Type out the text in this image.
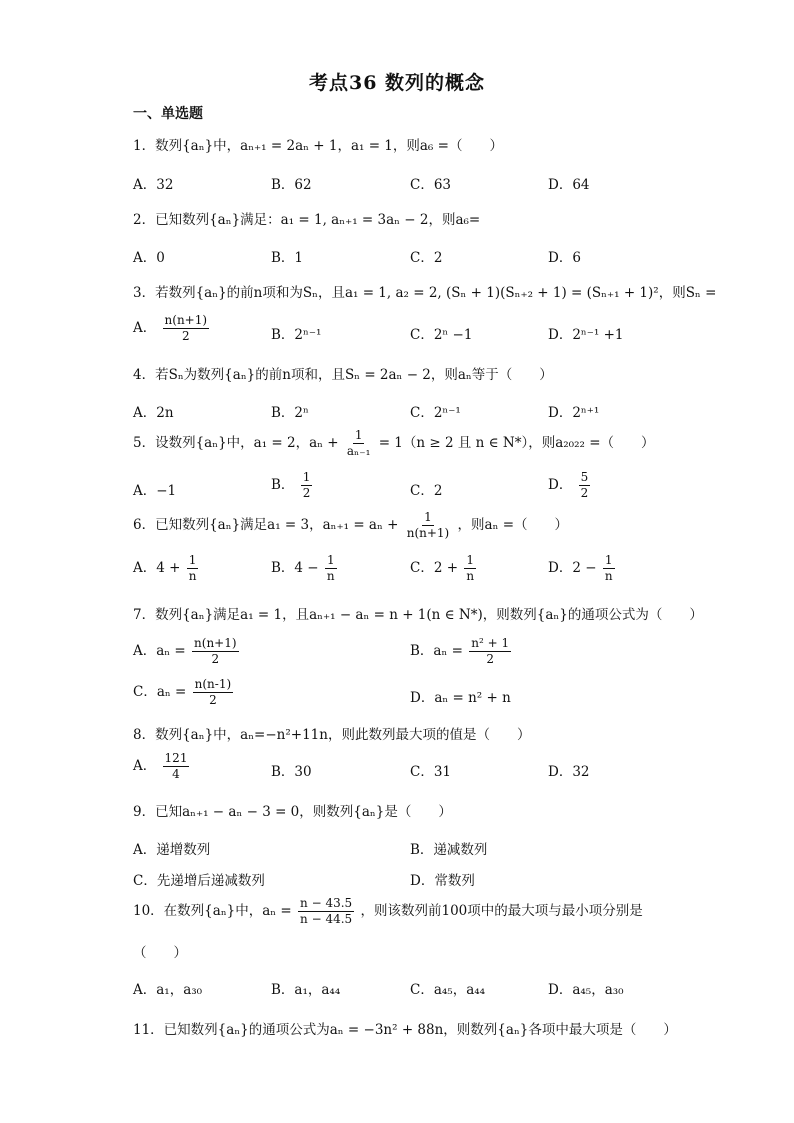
考点36 数列的概念
一、单选题
1．数列{aₙ}中，aₙ₊₁ = 2aₙ + 1，a₁ = 1，则a₆ =（　　）
A．32	B．62	C．63	D．64
2．已知数列{aₙ}满足：a₁ = 1, aₙ₊₁ = 3aₙ − 2，则a₆=
A．0	B．1	C．2	D．6
3．若数列{aₙ}的前n项和为Sₙ，且a₁ = 1, a₂ = 2, (Sₙ + 1)(Sₙ₊₂ + 1) = (Sₙ₊₁ + 1)²，则Sₙ =
A． $\frac{n(n+1)}{2}$	B．2ⁿ⁻¹	C．2ⁿ −1	D．2ⁿ⁻¹ +1
4．若Sₙ为数列{aₙ}的前n项和，且Sₙ = 2aₙ − 2，则aₙ等于（　　）
A．2n	B．2ⁿ	C．2ⁿ⁻¹	D．2ⁿ⁺¹
5．设数列{aₙ}中，a₁ = 2，$a_n + \frac{1}{\text{aₙ₋₁}} = 1(n \ge 2$ 且 n ∈ N*），则a₂₀₂₂ =（　　）
A．−1	B． $\frac{1}{2}$	C．2	D． $\frac{5}{2}$
6．已知数列{aₙ}满足a₁ = 3，$a_{n+1} = a_n + \frac{1}{n(n+1)}$ ，则aₙ =（　　）
A．$4 + \frac{1}{n}$	B．$4 - \frac{1}{n}$	C．$2 + \frac{1}{n}$	D．$2 - \frac{1}{n}$
7．数列{aₙ}满足a₁ = 1，且aₙ₊₁ − aₙ = n + 1(n ∈ N*)，则数列{aₙ}的通项公式为（　　）
A．$a_n = \frac{n(n+1)}{2}$	B．$a_n = \frac{\text{n² + 1}}{2}$
C．$a_n = \frac{n(n-1)}{2}$	D．aₙ = n² + n
8．数列{aₙ}中，aₙ=−n²+11n，则此数列最大项的值是（　　）
A． $\frac{121}{4}$	B．30	C．31	D．32
9．已知aₙ₊₁ − aₙ − 3 = 0，则数列{aₙ}是（　　）
A．递增数列	B．递减数列
C．先递增后递减数列	D．常数列
10．在数列{aₙ}中，$a_n = \frac{n - 43.5}{n - 44.5}$ ，则该数列前100项中的最大项与最小项分别是
（　　）
A．a₁，a₃₀	B．a₁，a₄₄	C．a₄₅，a₄₄	D．a₄₅，a₃₀
11．已知数列{aₙ}的通项公式为aₙ = −3n² + 88n，则数列{aₙ}各项中最大项是（　　）
